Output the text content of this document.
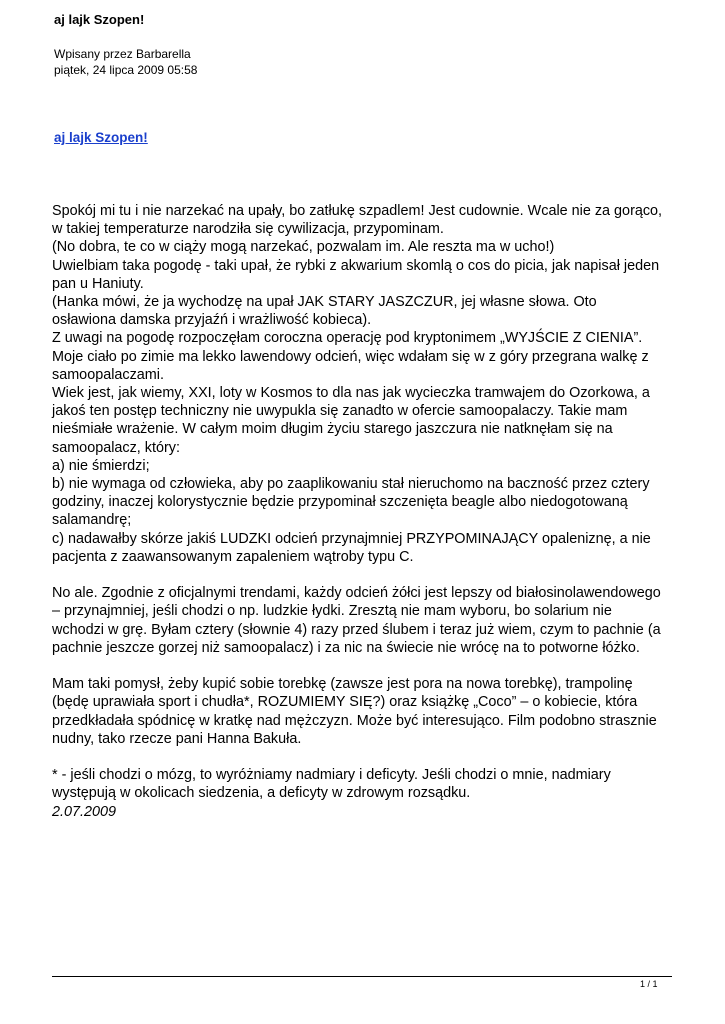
aj lajk Szopen!
Wpisany przez Barbarella
piątek, 24 lipca 2009 05:58
aj lajk Szopen!
Spokój mi tu i nie narzekać na upały, bo zatłukę szpadlem! Jest cudownie. Wcale nie za gorąco,
w takiej temperaturze narodziła się cywilizacja, przypominam.
(No dobra, te co w ciąży mogą narzekać, pozwalam im. Ale reszta ma w ucho!)
Uwielbiam taka pogodę - taki upał, że rybki z akwarium skomlą o cos do picia, jak napisał jeden
pan u Haniuty.
(Hanka mówi, że ja wychodzę na upał JAK STARY JASZCZUR, jej własne słowa. Oto
osławiona damska przyjaźń i wrażliwość kobieca).
Z uwagi na pogodę rozpoczęłam coroczna operację pod kryptonimem „WYJŚCIE Z CIENIA”.
Moje ciało po zimie ma lekko lawendowy odcień, więc wdałam się w z góry przegrana walkę z
samoopalaczami.
Wiek jest, jak wiemy, XXI, loty w Kosmos to dla nas jak wycieczka tramwajem do Ozorkowa, a
jakoś ten postęp techniczny nie uwypukla się zanadto w ofercie samoopalaczy. Takie mam
nieśmiałe wrażenie. W całym moim długim życiu starego jaszczura nie natknęłam się na
samoopalacz, który:
a) nie śmierdzi;
b) nie wymaga od człowieka, aby po zaaplikowaniu stał nieruchomo na baczność przez cztery
godziny, inaczej kolorystycznie będzie przypominał szczenięta beagle albo niedogotowaną
salamandrę;
c) nadawałby skórze jakiś LUDZKI odcień przynajmniej PRZYPOMINAJĄCY opaleniznę, a nie
pacjenta z zaawansowanym zapaleniem wątroby typu C.
No ale. Zgodnie z oficjalnymi trendami, każdy odcień żółci jest lepszy od białosinolawendowego
– przynajmniej, jeśli chodzi o np. ludzkie łydki. Zresztą nie mam wyboru, bo solarium nie
wchodzi w grę. Byłam cztery (słownie 4) razy przed ślubem i teraz już wiem, czym to pachnie (a
pachnie jeszcze gorzej niż samoopalacz) i za nic na świecie nie wrócę na to potworne łóżko.
Mam taki pomysł, żeby kupić sobie torebkę (zawsze jest pora na nowa torebkę), trampolinę
(będę uprawiała sport i chudła*, ROZUMIEMY SIĘ?) oraz książkę „Coco” – o kobiecie, która
przedkładała spódnicę w kratkę nad mężczyzn. Może być interesująco. Film podobno strasznie
nudny, tako rzecze pani Hanna Bakuła.
* - jeśli chodzi o mózg, to wyróżniamy nadmiary i deficyty. Jeśli chodzi o mnie, nadmiary
występują w okolicach siedzenia, a deficyty w zdrowym rozsądku.
2.07.2009
1 / 1
